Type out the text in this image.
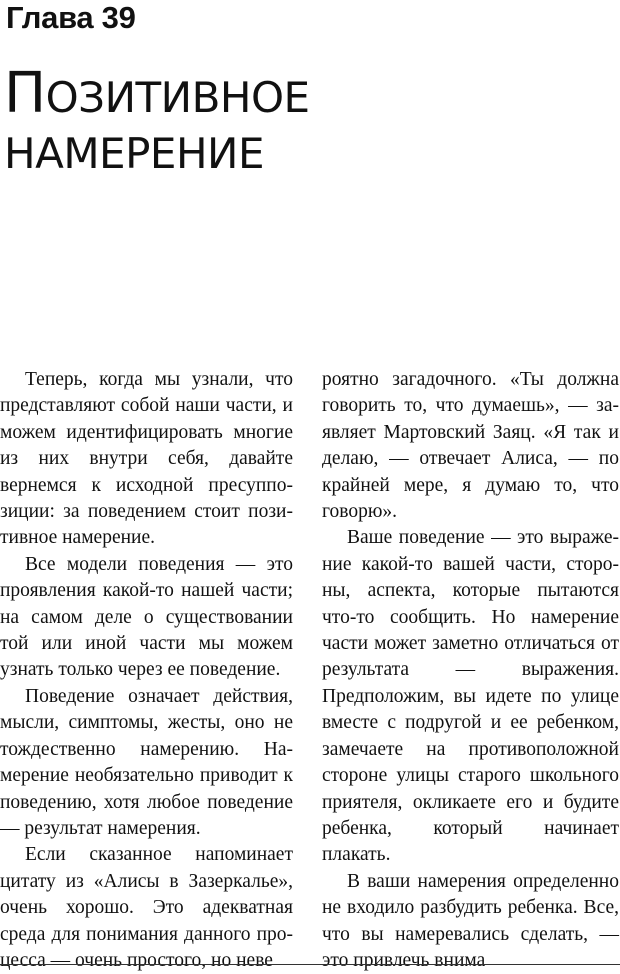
Глава 39
ПОЗИТИВНОЕ
НАМЕРЕНИЕ

Теперь, когда мы узнали, что представляют собой наши части, и можем идентифицировать многие из них внутри себя, давайте вернемся к исходной пресуппозиции: за поведением стоит позитивное намерение.

Все модели поведения — это проявления какой-то нашей части; на самом деле о существовании той или иной части мы можем узнать только через ее поведение.

Поведение означает действия, мысли, симптомы, жесты, оно не тождественно намерению. Намерение необязательно приводит к поведению, хотя любое поведение — результат намерения.

Если сказанное напоминает цитату из «Алисы в Зазеркалье», очень хорошо. Это адекватная среда для понимания данного процесса — очень простого, но неве

роятно загадочного. «Ты должна говорить то, что думаешь», — заявляет Мартовский Заяц. «Я так и делаю, — отвечает Алиса, — по крайней мере, я думаю то, что говорю».

Ваше поведение — это выражение какой-то вашей части, стороны, аспекта, которые пытаются что-то сообщить. Но намерение части может заметно отличаться от результата — выражения. Предположим, вы идете по улице вместе с подругой и ее ребенком, замечаете на противоположной стороне улицы старого школьного приятеля, окликаете его и будите ребенка, который начинает плакать.

В ваши намерения определенно не входило разбудить ребенка. Все, что вы намеревались сделать, — это привлечь внима
